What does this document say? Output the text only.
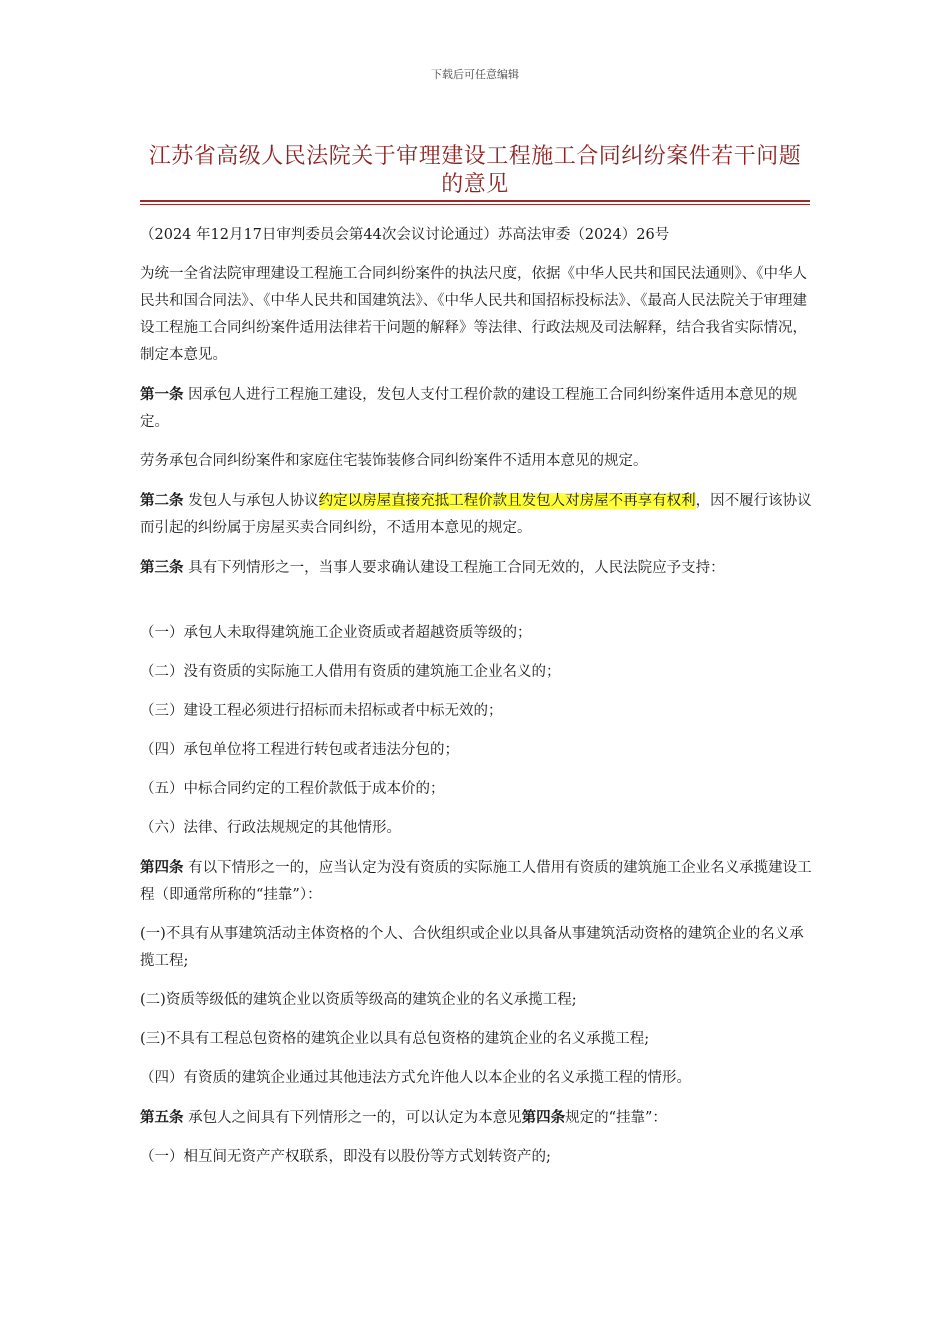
下载后可任意编辑
江苏省高级人民法院关于审理建设工程施工合同纠纷案件若干问题的意见

（2024 年12月17日审判委员会第44次会议讨论通过）苏高法审委（2024）26号

为统一全省法院审理建设工程施工合同纠纷案件的执法尺度，依据《中华人民共和国民法通则》、《中华人民共和国合同法》、《中华人民共和国建筑法》、《中华人民共和国招标投标法》、《最高人民法院关于审理建设工程施工合同纠纷案件适用法律若干问题的解释》等法律、行政法规及司法解释，结合我省实际情况，制定本意见。

第一条 因承包人进行工程施工建设，发包人支付工程价款的建设工程施工合同纠纷案件适用本意见的规定。

劳务承包合同纠纷案件和家庭住宅装饰装修合同纠纷案件不适用本意见的规定。

第二条 发包人与承包人协议约定以房屋直接充抵工程价款且发包人对房屋不再享有权利，因不履行该协议而引起的纠纷属于房屋买卖合同纠纷，不适用本意见的规定。

第三条 具有下列情形之一，当事人要求确认建设工程施工合同无效的，人民法院应予支持：

（一）承包人未取得建筑施工企业资质或者超越资质等级的；

（二）没有资质的实际施工人借用有资质的建筑施工企业名义的；

（三）建设工程必须进行招标而未招标或者中标无效的；

（四）承包单位将工程进行转包或者违法分包的；

（五）中标合同约定的工程价款低于成本价的；

（六）法律、行政法规规定的其他情形。

第四条 有以下情形之一的，应当认定为没有资质的实际施工人借用有资质的建筑施工企业名义承揽建设工程（即通常所称的“挂靠”）：

(一)不具有从事建筑活动主体资格的个人、合伙组织或企业以具备从事建筑活动资格的建筑企业的名义承揽工程;

(二)资质等级低的建筑企业以资质等级高的建筑企业的名义承揽工程;

(三)不具有工程总包资格的建筑企业以具有总包资格的建筑企业的名义承揽工程;

（四）有资质的建筑企业通过其他违法方式允许他人以本企业的名义承揽工程的情形。

第五条 承包人之间具有下列情形之一的，可以认定为本意见第四条规定的“挂靠”：

（一）相互间无资产产权联系，即没有以股份等方式划转资产的;
